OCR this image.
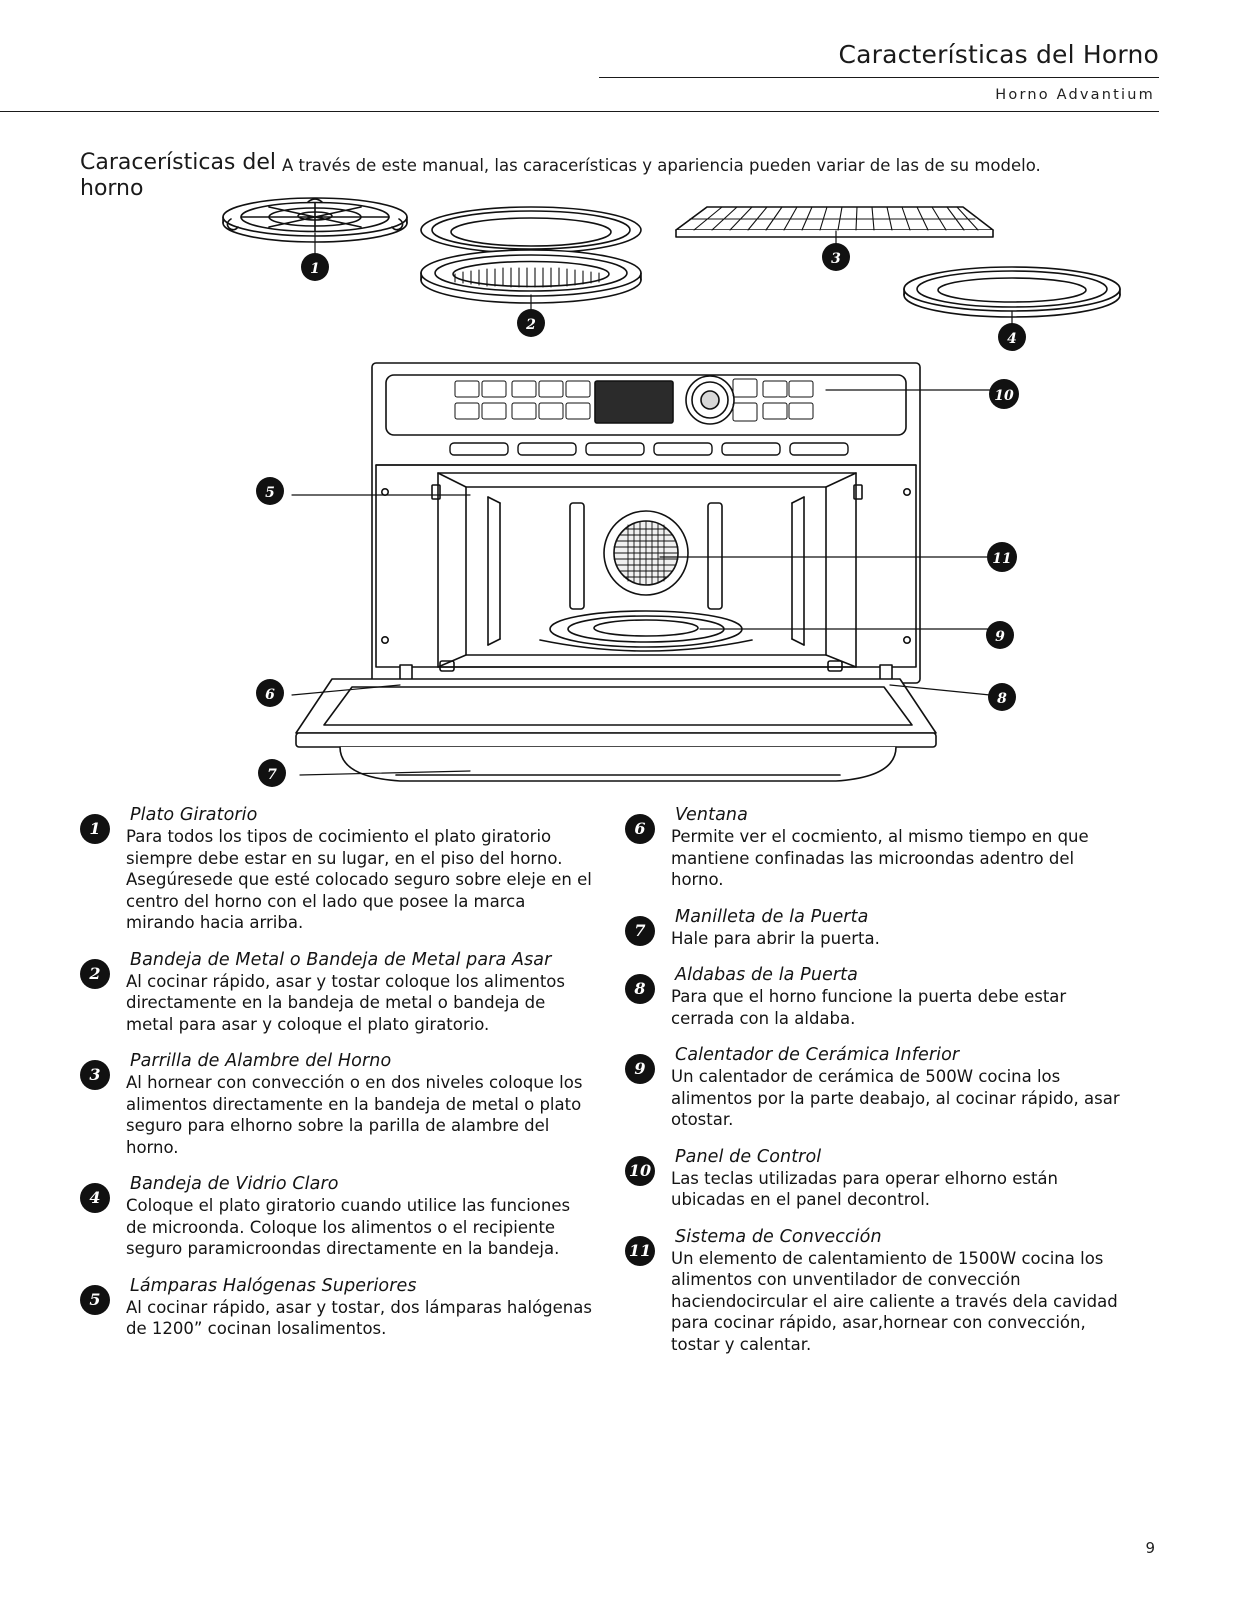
Características del Horno
Horno Advantium
Caracerísticas del horno
A través de este manual, las caracerísticas y apariencia pueden variar de las de su modelo.
1
2
3
4
5
6
7
8
9
10
11
1
Plato Giratorio

Para todos los tipos de cocimiento el plato giratorio siempre debe estar en su lugar, en el piso del horno. Asegúresede que esté colocado seguro sobre eleje en el centro del horno con el lado que posee la marca mirando hacia arriba.

2
Bandeja de Metal o Bandeja de Metal para Asar

Al cocinar rápido, asar y tostar coloque los alimentos directamente en la bandeja de metal o bandeja de metal para asar y coloque el plato giratorio.

3
Parrilla de Alambre del Horno

Al hornear con convección o en dos niveles coloque los alimentos directamente en la bandeja de metal o plato seguro para elhorno sobre la parilla de alambre del horno.

4
Bandeja de Vidrio Claro

Coloque el plato giratorio cuando utilice las funciones de microonda. Coloque los alimentos o el recipiente seguro paramicroondas directamente en la bandeja.

5
Lámparas Halógenas Superiores

Al cocinar rápido, asar y tostar, dos lámparas halógenas de 1200” cocinan losalimentos.

6
Ventana

Permite ver el cocmiento, al mismo tiempo en que mantiene confinadas las microondas adentro del horno.

7
Manilleta de la Puerta

Hale para abrir la puerta.

8
Aldabas de la Puerta

Para que el horno funcione la puerta debe estar cerrada con la aldaba.

9
Calentador de Cerámica Inferior

Un calentador de cerámica de 500W cocina los alimentos por la parte deabajo, al cocinar rápido, asar otostar.

10
Panel de Control

Las teclas utilizadas para operar elhorno están ubicadas en el panel decontrol.

11
Sistema de Convección

Un elemento de calentamiento de 1500W cocina los alimentos con unventilador de convección haciendocircular el aire caliente a través dela cavidad para cocinar rápido, asar,hornear con convección, tostar y calentar.

9
